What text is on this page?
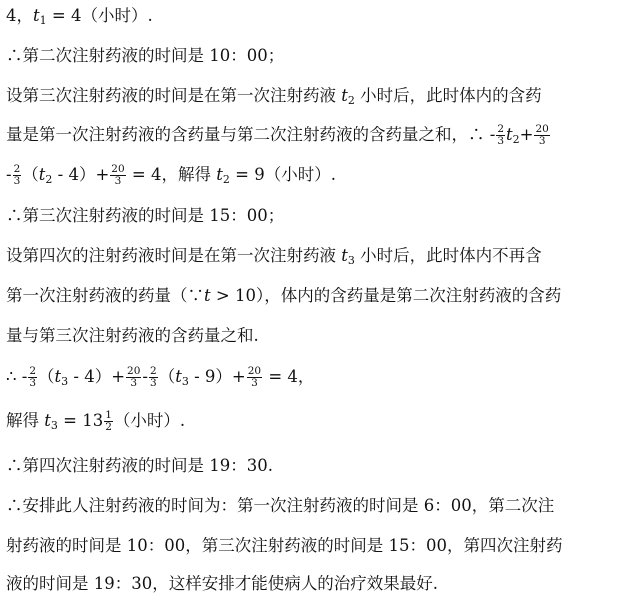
4，$t_1 = 4$（小时）.
∴第二次注射药液的时间是 10：00；
设第三次注射药液的时间是在第一次注射药液 $t_2$ 小时后，此时体内的含药
量是第一次注射药液的含药量与第二次注射药液的含药量之和，∴ - $\frac{2}{3} t_2+ \frac{20}{3}$
- $\frac{2}{3} (t_2 - 4)+ \frac{20}{3} = 4$，解得 $t_2 = 9$（小时）.
∴第三次注射药液的时间是 15：00；
设第四次的注射药液时间是在第一次注射药液 $t_3$ 小时后，此时体内不再含
第一次注射药液的药量（∵t > 10），体内的含药量是第二次注射药液的含药
量与第三次注射药液的含药量之和.
∴ - $\frac{2}{3} (t_3 - 4)+ \frac{20}{3} - \frac{2}{3} (t_3 - 9)+ \frac{20}{3} = 4$，
解得 $t_3 = 13 \frac{1}{2}$ （小时）.
∴第四次注射药液的时间是 19：30.
∴安排此人注射药液的时间为：第一次注射药液的时间是 6：00，第二次注
射药液的时间是 10：00，第三次注射药液的时间是 15：00，第四次注射药
液的时间是 19：30，这样安排才能使病人的治疗效果最好.
